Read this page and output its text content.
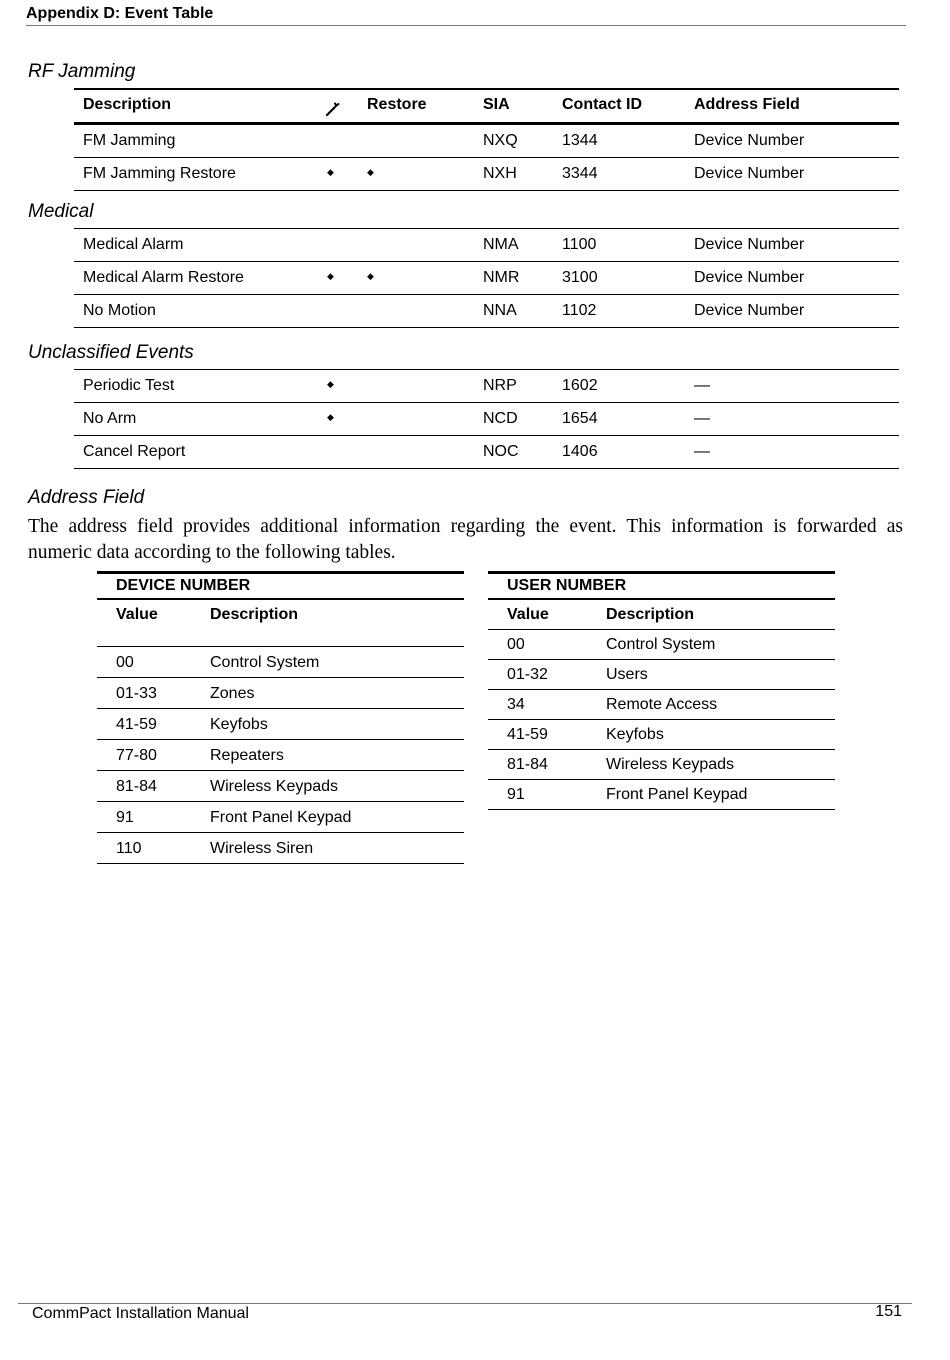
Appendix D: Event Table
RF Jamming
Description		Restore	SIA	Contact ID	Address Field
FM Jamming			NXQ	1344	Device Number
FM Jamming Restore	◆	◆	NXH	3344	Device Number
Medical
Medical Alarm			NMA	1100	Device Number
Medical Alarm Restore	◆	◆	NMR	3100	Device Number
No Motion			NNA	1102	Device Number
Unclassified Events
Periodic Test	◆		NRP	1602	—
No Arm	◆		NCD	1654	—
Cancel Report			NOC	1406	—
Address Field
The address field provides additional information regarding the event. This information is forwarded as numeric data according to the following tables.
DEVICE NUMBER	
Value	Description
00	Control System
01-33	Zones
41-59	Keyfobs
77-80	Repeaters
81-84	Wireless Keypads
91	Front Panel Keypad
110	Wireless Siren
USER NUMBER	
Value	Description
00	Control System
01-32	Users
34	Remote Access
41-59	Keyfobs
81-84	Wireless Keypads
91	Front Panel Keypad
CommPact Installation Manual	151
